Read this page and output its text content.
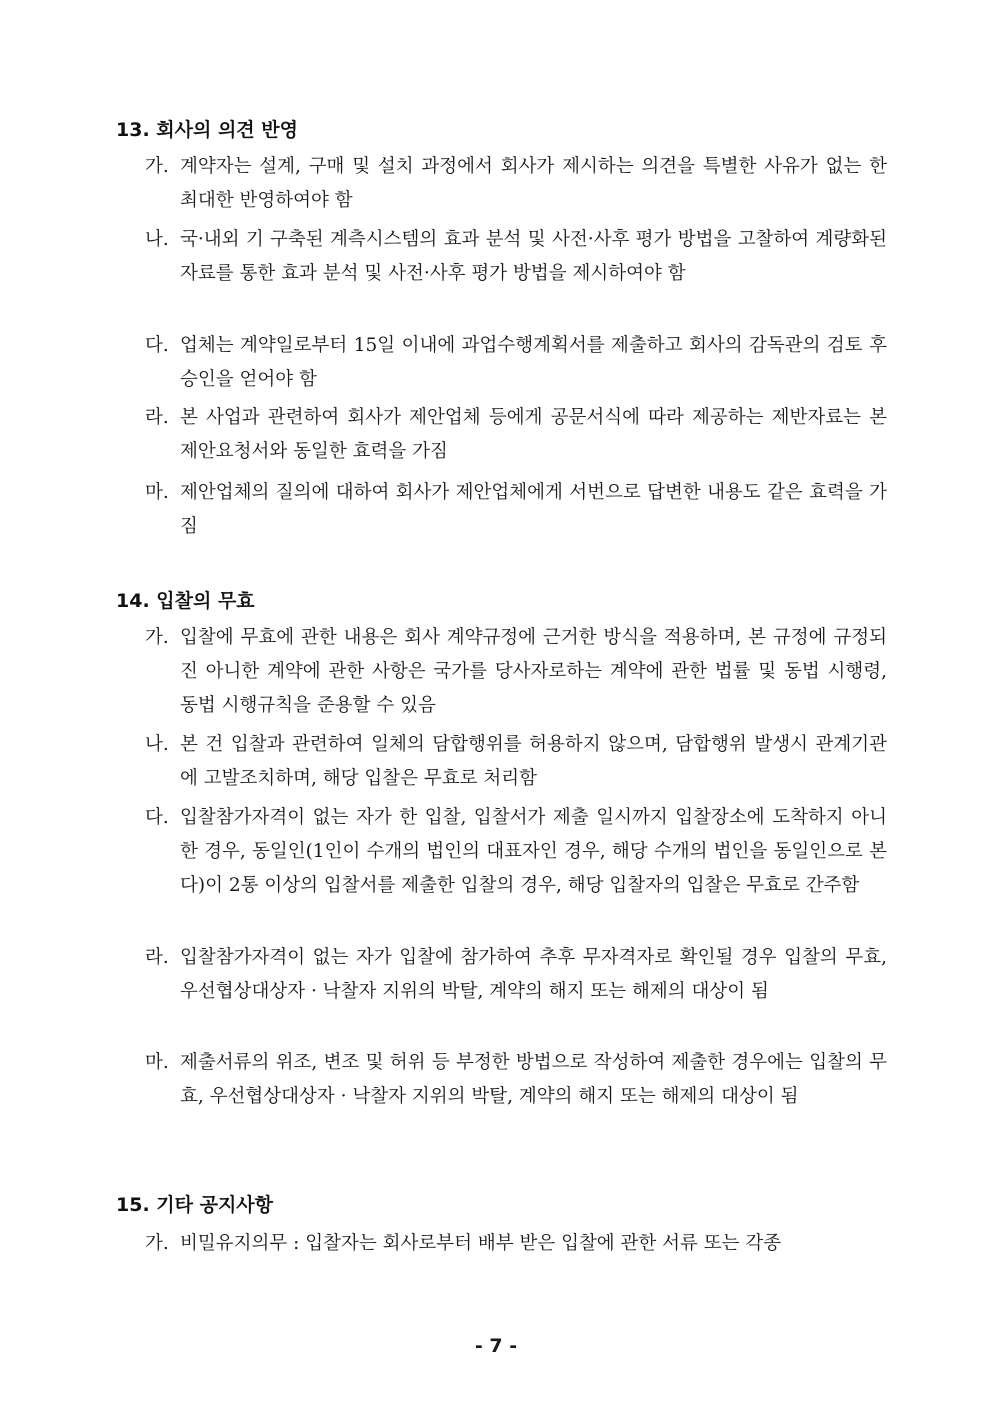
13. 회사의 의견 반영
가. 계약자는 설계, 구매 및 설치 과정에서 회사가 제시하는 의견을 특별한 사유가 없는 한 최대한 반영하여야 함
나. 국·내외 기 구축된 계측시스템의 효과 분석 및 사전·사후 평가 방법을 고찰하여 계량화된 자료를 통한 효과 분석 및 사전·사후 평가 방법을 제시하여야 함
다. 업체는 계약일로부터 15일 이내에 과업수행계획서를 제출하고 회사의 감독관의 검토 후 승인을 얻어야 함
라. 본 사업과 관련하여 회사가 제안업체 등에게 공문서식에 따라 제공하는 제반자료는 본 제안요청서와 동일한 효력을 가짐
마. 제안업체의 질의에 대하여 회사가 제안업체에게 서번으로 답변한 내용도 같은 효력을 가짐
14. 입찰의 무효
가. 입찰에 무효에 관한 내용은 회사 계약규정에 근거한 방식을 적용하며, 본 규정에 규정되진 아니한 계약에 관한 사항은 국가를 당사자로하는 계약에 관한 법률 및 동법 시행령, 동법 시행규칙을 준용할 수 있음
나. 본 건 입찰과 관련하여 일체의 담합행위를 허용하지 않으며, 담합행위 발생시 관계기관에 고발조치하며, 해당 입찰은 무효로 처리함
다. 입찰참가자격이 없는 자가 한 입찰, 입찰서가 제출 일시까지 입찰장소에 도착하지 아니한 경우, 동일인(1인이 수개의 법인의 대표자인 경우, 해당 수개의 법인을 동일인으로 본다)이 2통 이상의 입찰서를 제출한 입찰의 경우, 해당 입찰자의 입찰은 무효로 간주함
라. 입찰참가자격이 없는 자가 입찰에 참가하여 추후 무자격자로 확인될 경우 입찰의 무효, 우선협상대상자 · 낙찰자 지위의 박탈, 계약의 해지 또는 해제의 대상이 됨
마. 제출서류의 위조, 변조 및 허위 등 부정한 방법으로 작성하여 제출한 경우에는 입찰의 무효, 우선협상대상자 · 낙찰자 지위의 박탈, 계약의 해지 또는 해제의 대상이 됨
15. 기타 공지사항
가. 비밀유지의무 : 입찰자는 회사로부터 배부 받은 입찰에 관한 서류 또는 각종
- 7 -
